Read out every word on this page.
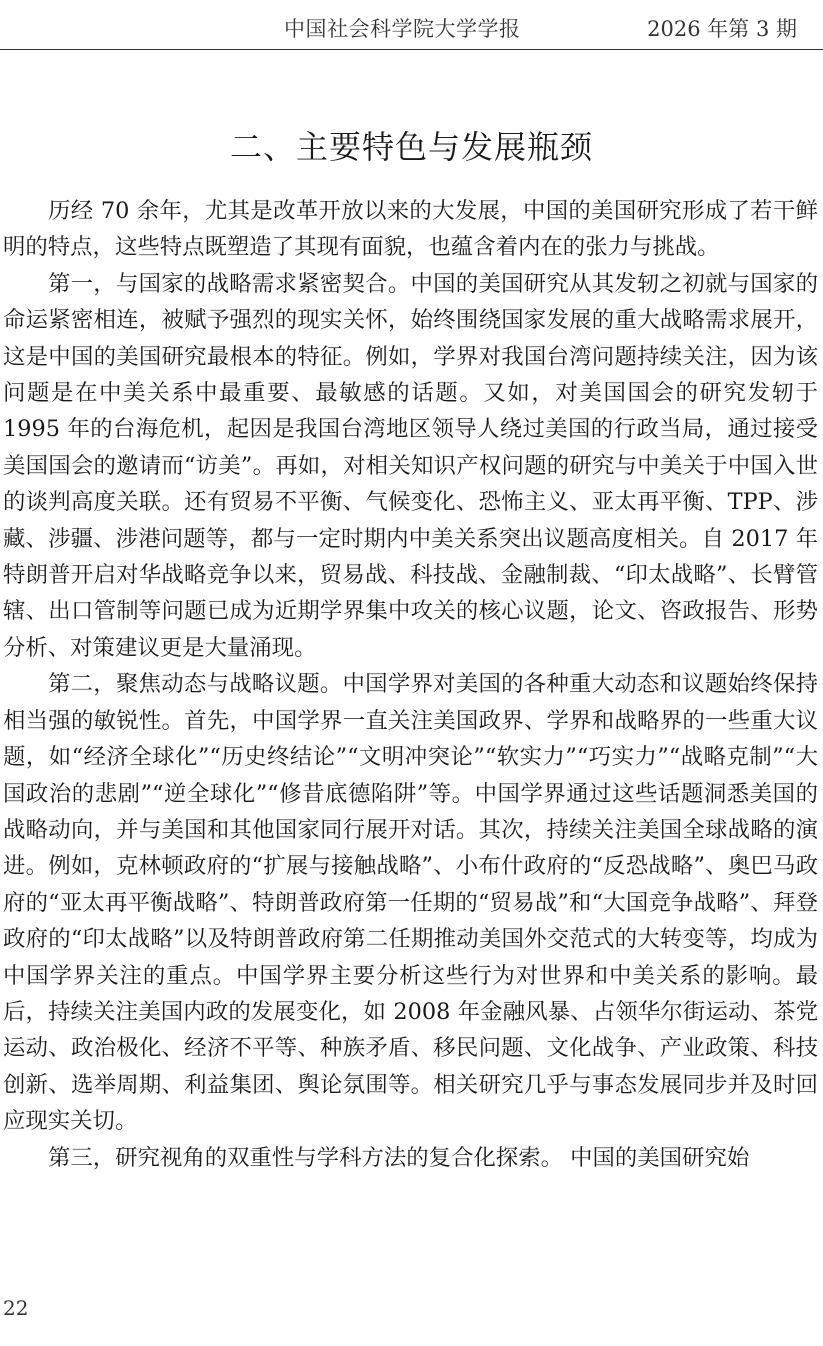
中国社会科学院大学学报	2026 年第 3 期
二、主要特色与发展瓶颈

历经 70 余年，尤其是改革开放以来的大发展，中国的美国研究形成了若干鲜明的特点，这些特点既塑造了其现有面貌，也蕴含着内在的张力与挑战。

第一，与国家的战略需求紧密契合。中国的美国研究从其发轫之初就与国家的命运紧密相连，被赋予强烈的现实关怀，始终围绕国家发展的重大战略需求展开，这是中国的美国研究最根本的特征。例如，学界对我国台湾问题持续关注，因为该问题是在中美关系中最重要、最敏感的话题。又如，对美国国会的研究发轫于 1995 年的台海危机，起因是我国台湾地区领导人绕过美国的行政当局，通过接受美国国会的邀请而“访美”。再如，对相关知识产权问题的研究与中美关于中国入世的谈判高度关联。还有贸易不平衡、气候变化、恐怖主义、亚太再平衡、TPP、涉藏、涉疆、涉港问题等，都与一定时期内中美关系突出议题高度相关。自 2017 年特朗普开启对华战略竞争以来，贸易战、科技战、金融制裁、“印太战略”、长臂管辖、出口管制等问题已成为近期学界集中攻关的核心议题，论文、咨政报告、形势分析、对策建议更是大量涌现。

第二，聚焦动态与战略议题。中国学界对美国的各种重大动态和议题始终保持相当强的敏锐性。首先，中国学界一直关注美国政界、学界和战略界的一些重大议题，如“经济全球化”“历史终结论”“文明冲突论”“软实力”“巧实力”“战略克制”“大国政治的悲剧”“逆全球化”“修昔底德陷阱”等。中国学界通过这些话题洞悉美国的战略动向，并与美国和其他国家同行展开对话。其次，持续关注美国全球战略的演进。例如，克林顿政府的“扩展与接触战略”、小布什政府的“反恐战略”、奥巴马政府的“亚太再平衡战略”、特朗普政府第一任期的“贸易战”和“大国竞争战略”、拜登政府的“印太战略”以及特朗普政府第二任期推动美国外交范式的大转变等，均成为中国学界关注的重点。中国学界主要分析这些行为对世界和中美关系的影响。最后，持续关注美国内政的发展变化，如 2008 年金融风暴、占领华尔街运动、茶党运动、政治极化、经济不平等、种族矛盾、移民问题、文化战争、产业政策、科技创新、选举周期、利益集团、舆论氛围等。相关研究几乎与事态发展同步并及时回应现实关切。

第三，研究视角的双重性与学科方法的复合化探索。 中国的美国研究始

22
